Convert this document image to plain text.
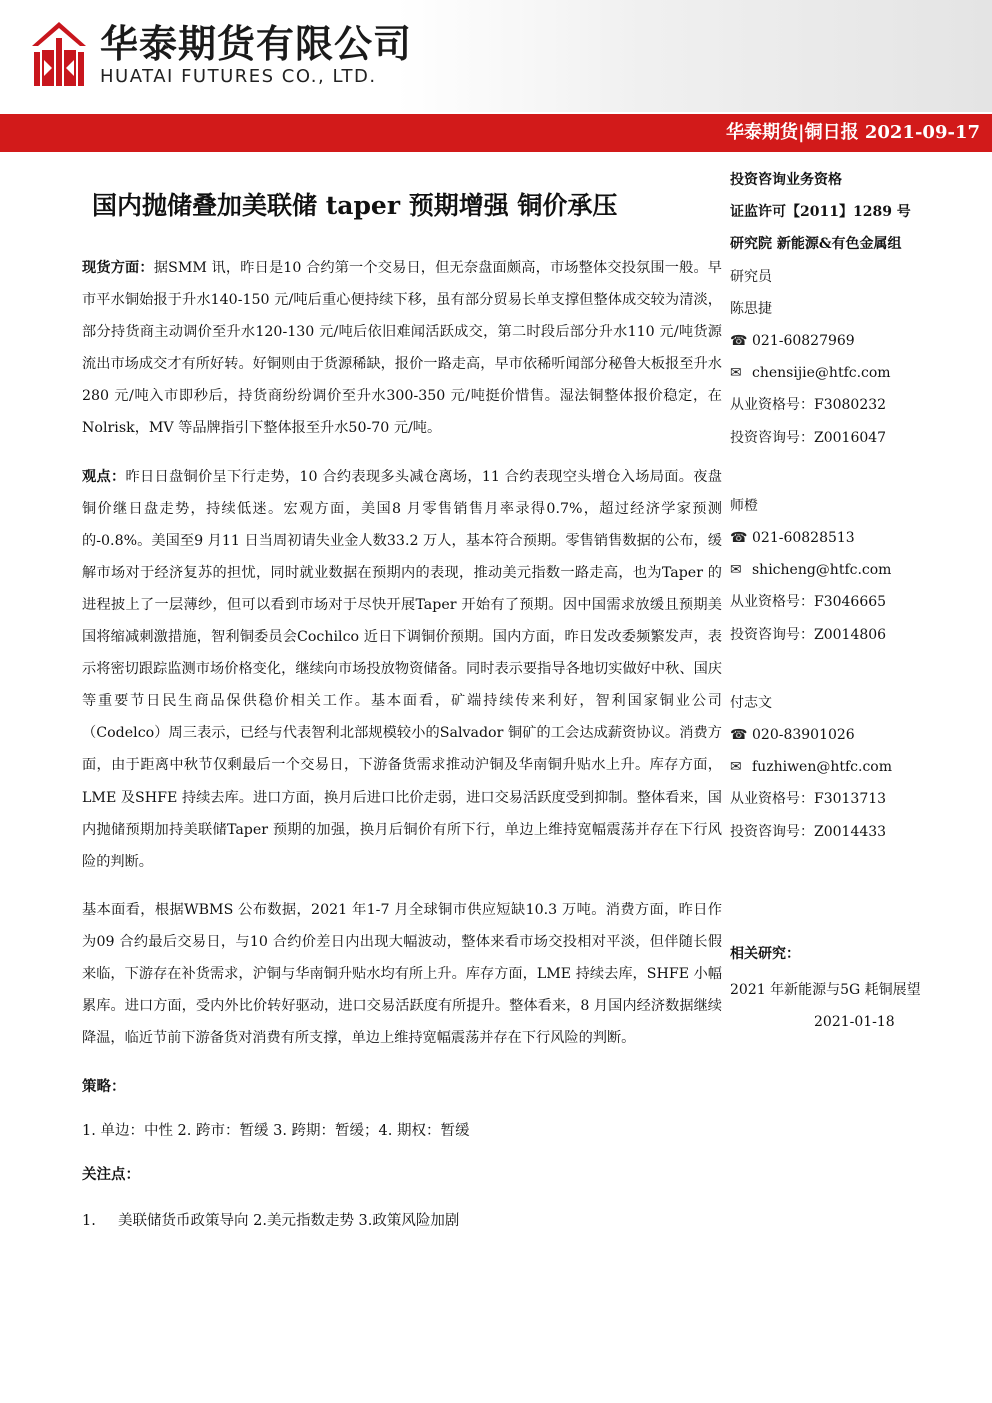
华泰期货有限公司
HUATAI FUTURES CO., LTD.
华泰期货|铜日报 2021-09-17
国内抛储叠加美联储 taper 预期增强 铜价承压

现货方面：据SMM 讯，昨日是10 合约第一个交易日，但无奈盘面颇高，市场整体交投氛围一般。早市平水铜始报于升水140-150 元/吨后重心便持续下移，虽有部分贸易长单支撑但整体成交较为清淡，部分持货商主动调价至升水120-130 元/吨后依旧难闻活跃成交，第二时段后部分升水110 元/吨货源流出市场成交才有所好转。好铜则由于货源稀缺，报价一路走高，早市依稀听闻部分秘鲁大板报至升水280 元/吨入市即秒后，持货商纷纷调价至升水300-350 元/吨挺价惜售。湿法铜整体报价稳定，在Nolrisk，MV 等品牌指引下整体报至升水50-70 元/吨。

观点：昨日日盘铜价呈下行走势，10 合约表现多头减仓离场，11 合约表现空头增仓入场局面。夜盘铜价继日盘走势，持续低迷。宏观方面，美国8 月零售销售月率录得0.7%，超过经济学家预测的-0.8%。美国至9 月11 日当周初请失业金人数33.2 万人，基本符合预期。零售销售数据的公布，缓解市场对于经济复苏的担忧，同时就业数据在预期内的表现，推动美元指数一路走高，也为Taper 的进程披上了一层薄纱，但可以看到市场对于尽快开展Taper 开始有了预期。因中国需求放缓且预期美国将缩减刺激措施，智利铜委员会Cochilco 近日下调铜价预期。国内方面，昨日发改委频繁发声，表示将密切跟踪监测市场价格变化，继续向市场投放物资储备。同时表示要指导各地切实做好中秋、国庆等重要节日民生商品保供稳价相关工作。基本面看，矿端持续传来利好，智利国家铜业公司（Codelco）周三表示，已经与代表智利北部规模较小的Salvador 铜矿的工会达成薪资协议。消费方面，由于距离中秋节仅剩最后一个交易日，下游备货需求推动沪铜及华南铜升贴水上升。库存方面，LME 及SHFE 持续去库。进口方面，换月后进口比价走弱，进口交易活跃度受到抑制。整体看来，国内抛储预期加持美联储Taper 预期的加强，换月后铜价有所下行，单边上维持宽幅震荡并存在下行风险的判断。

基本面看，根据WBMS 公布数据，2021 年1-7 月全球铜市供应短缺10.3 万吨。消费方面，昨日作为09 合约最后交易日，与10 合约价差日内出现大幅波动，整体来看市场交投相对平淡，但伴随长假来临，下游存在补货需求，沪铜与华南铜升贴水均有所上升。库存方面，LME 持续去库，SHFE 小幅累库。进口方面，受内外比价转好驱动，进口交易活跃度有所提升。整体看来，8 月国内经济数据继续降温，临近节前下游备货对消费有所支撑，单边上维持宽幅震荡并存在下行风险的判断。

策略：
1. 单边：中性 2. 跨市：暂缓 3. 跨期：暂缓；4. 期权：暂缓
关注点：
1. 美联储货币政策导向 2.美元指数走势 3.政策风险加剧
投资咨询业务资格
证监许可【2011】1289 号
研究院 新能源&有色金属组
研究员
陈思捷
☎ 021-60827969
✉ chensijie@htfc.com
从业资格号：F3080232
投资咨询号：Z0016047
师橙
☎ 021-60828513
✉ shicheng@htfc.com
从业资格号：F3046665
投资咨询号：Z0014806
付志文
☎ 020-83901026
✉ fuzhiwen@htfc.com
从业资格号：F3013713
投资咨询号：Z0014433
相关研究：
2021 年新能源与5G 耗铜展望
2021-01-18
